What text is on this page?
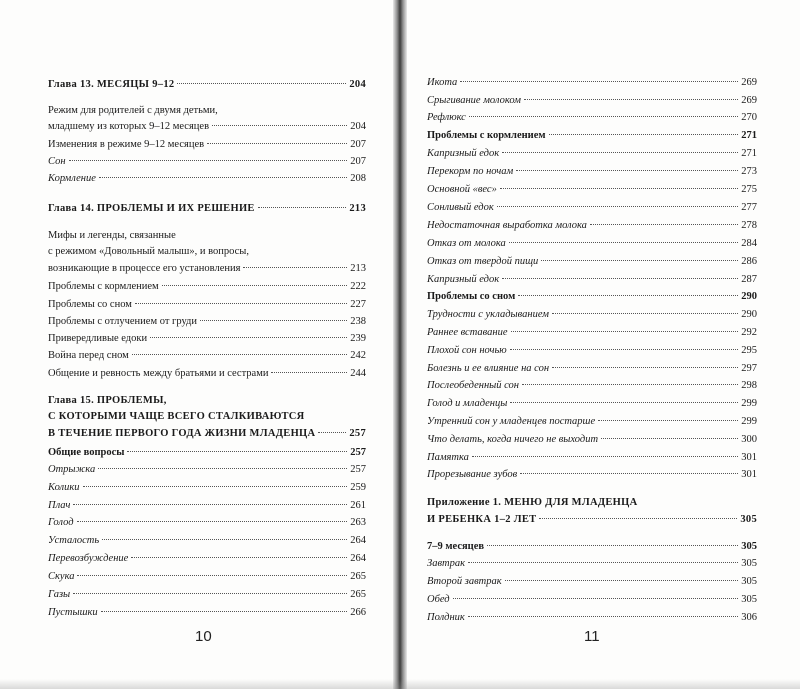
Глава 13. МЕСЯЦЫ 9–12	204
Режим для родителей с двумя детьми,
младшему из которых 9–12 месяцев	204
Изменения в режиме 9–12 месяцев	207
Сон	207
Кормление	208
Глава 14. ПРОБЛЕМЫ И ИХ РЕШЕНИЕ	213
Мифы и легенды, связанные
с режимом «Довольный малыш», и вопросы,
возникающие в процессе его установления	213
Проблемы с кормлением	222
Проблемы со сном	227
Проблемы с отлучением от груди	238
Привередливые едоки	239
Война перед сном	242
Общение и ревность между братьями и сестрами	244
Глава 15. ПРОБЛЕМЫ,
С КОТОРЫМИ ЧАЩЕ ВСЕГО СТАЛКИВАЮТСЯ
В ТЕЧЕНИЕ ПЕРВОГО ГОДА ЖИЗНИ МЛАДЕНЦА	257
Общие вопросы	257
Отрыжка	257
Колики	259
Плач	261
Голод	263
Усталость	264
Перевозбуждение	264
Скука	265
Газы	265
Пустышки	266
10
Икота	269
Срыгивание молоком	269
Рефлюкс	270
Проблемы с кормлением	271
Капризный едок	271
Перекорм по ночам	273
Основной «вес»	275
Сонливый едок	277
Недостаточная выработка молока	278
Отказ от молока	284
Отказ от твердой пищи	286
Капризный едок	287
Проблемы со сном	290
Трудности с укладыванием	290
Раннее вставание	292
Плохой сон ночью	295
Болезнь и ее влияние на сон	297
Послеобеденный сон	298
Голод и младенцы	299
Утренний сон у младенцев постарше	299
Что делать, когда ничего не выходит	300
Памятка	301
Прорезывание зубов	301
Приложение 1. МЕНЮ ДЛЯ МЛАДЕНЦА
И РЕБЕНКА 1–2 ЛЕТ	305
7–9 месяцев	305
Завтрак	305
Второй завтрак	305
Обед	305
Полдник	306
11
